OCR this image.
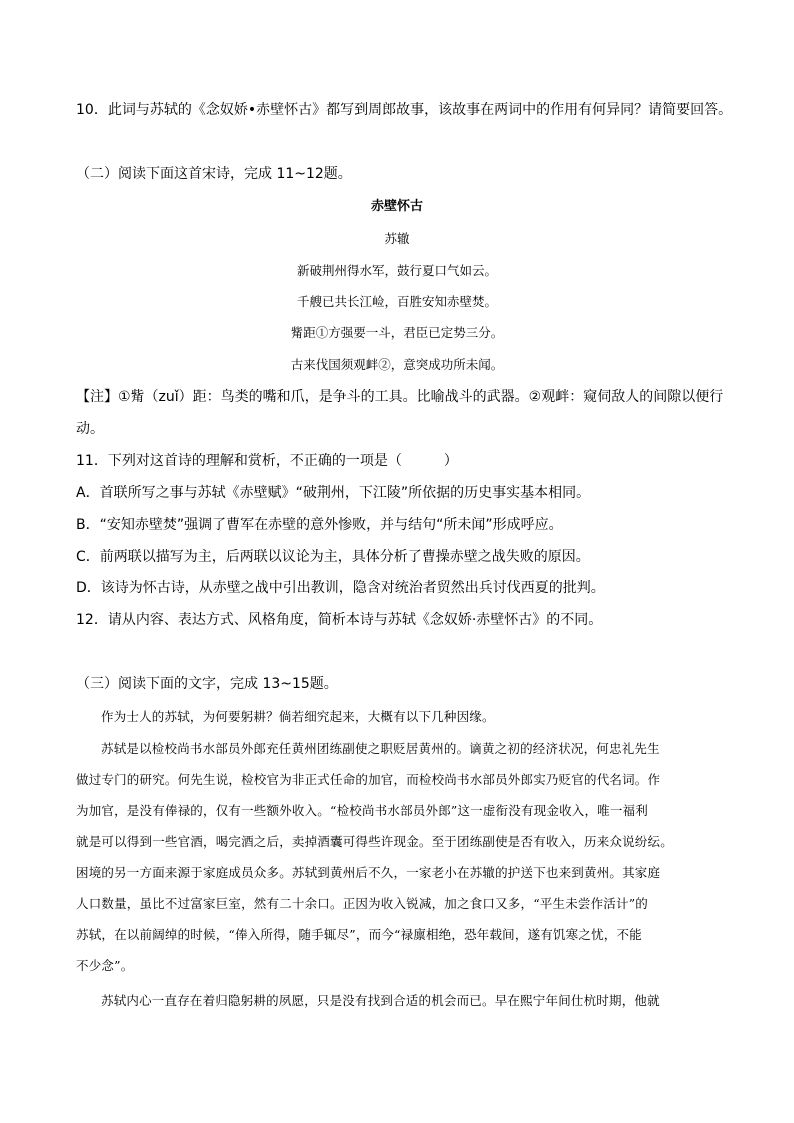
10．此词与苏轼的《念奴娇•赤壁怀古》都写到周郎故事，该故事在两词中的作用有何异同？请简要回答。
（二）阅读下面这首宋诗，完成 11~12题。
赤壁怀古
苏辙
新破荆州得水军，鼓行夏口气如云。
千艘已共长江崄，百胜安知赤壁焚。
觜距①方强要一斗，君臣已定势三分。
古来伐国须观衅②，意突成功所未闻。
【注】①觜（zuǐ）距：鸟类的嘴和爪，是争斗的工具。比喻战斗的武器。②观衅：窥伺敌人的间隙以便行
动。
11．下列对这首诗的理解和赏析，不正确的一项是（　　　）
A．首联所写之事与苏轼《赤壁赋》“破荆州，下江陵”所依据的历史事实基本相同。
B．“安知赤壁焚”强调了曹军在赤壁的意外惨败，并与结句“所未闻”形成呼应。
C．前两联以描写为主，后两联以议论为主，具体分析了曹操赤壁之战失败的原因。
D．该诗为怀古诗，从赤壁之战中引出教训，隐含对统治者贸然出兵讨伐西夏的批判。
12．请从内容、表达方式、风格角度，简析本诗与苏轼《念奴娇·赤壁怀古》的不同。
（三）阅读下面的文字，完成 13~15题。
作为士人的苏轼，为何要躬耕？倘若细究起来，大概有以下几种因缘。
苏轼是以检校尚书水部员外郎充任黄州团练副使之职贬居黄州的。谪黄之初的经济状况，何忠礼先生
做过专门的研究。何先生说，检校官为非正式任命的加官，而检校尚书水部员外郎实乃贬官的代名词。作
为加官，是没有俸禄的，仅有一些额外收入。“检校尚书水部员外郎”这一虚衔没有现金收入，唯一福利
就是可以得到一些官酒，喝完酒之后，卖掉酒囊可得些许现金。至于团练副使是否有收入，历来众说纷纭。
困境的另一方面来源于家庭成员众多。苏轼到黄州后不久，一家老小在苏辙的护送下也来到黄州。其家庭
人口数量，虽比不过富家巨室，然有二十余口。正因为收入锐减，加之食口又多，“平生未尝作活计”的
苏轼，在以前阔绰的时候，“俸入所得，随手辄尽”，而今“禄廪相绝，恐年载间，遂有饥寒之忧，不能
不少念”。
苏轼内心一直存在着归隐躬耕的夙愿，只是没有找到合适的机会而已。早在熙宁年间仕杭时期，他就
